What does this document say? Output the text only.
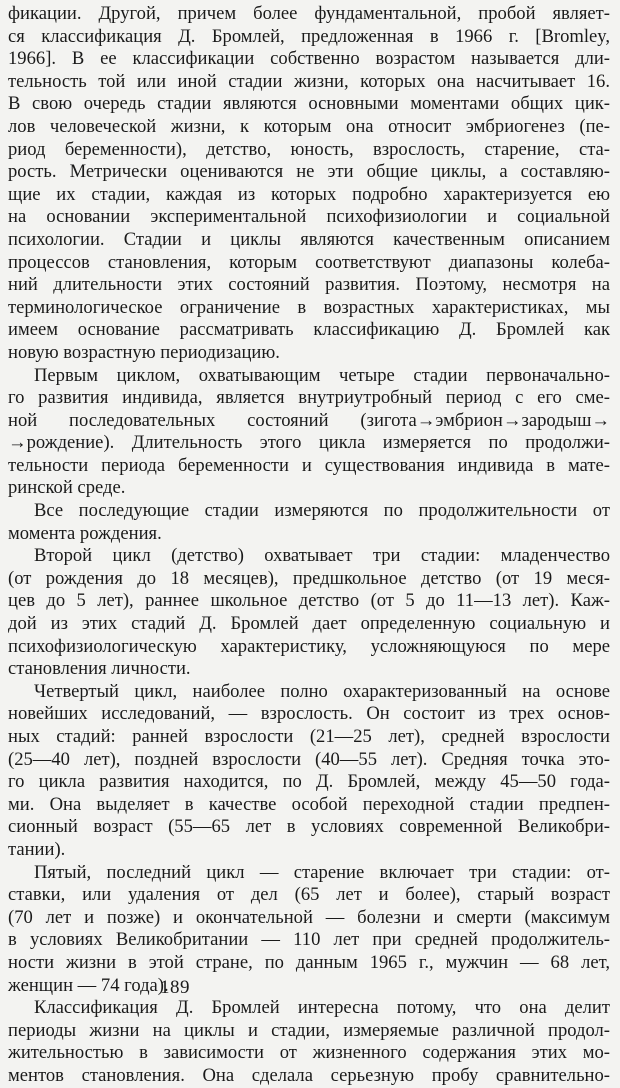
фикации. Другой, причем более фундаментальной, пробой являет-
ся классификация Д. Бромлей, предложенная в 1966 г. [Bromley,
1966]. В ее классификации собственно возрастом называется дли-
тельность той или иной стадии жизни, которых она насчитывает 16.
В свою очередь стадии являются основными моментами общих цик-
лов человеческой жизни, к которым она относит эмбриогенез (пе-
риод беременности), детство, юность, взрослость, старение, ста-
рость. Метрически оцениваются не эти общие циклы, а составляю-
щие их стадии, каждая из которых подробно характеризуется ею
на основании экспериментальной психофизиологии и социальной
психологии. Стадии и циклы являются качественным описанием
процессов становления, которым соответствуют диапазоны колеба-
ний длительности этих состояний развития. Поэтому, несмотря на
терминологическое ограничение в возрастных характеристиках, мы
имеем основание рассматривать классификацию Д. Бромлей как
новую возрастную периодизацию.

Первым циклом, охватывающим четыре стадии первоначально-
го развития индивида, является внутриутробный период с его сме-
ной последовательных состояний (зигота→эмбрион→зародыш→
→рождение). Длительность этого цикла измеряется по продолжи-
тельности периода беременности и существования индивида в мате-
ринской среде.

Все последующие стадии измеряются по продолжительности от
момента рождения.

Второй цикл (детство) охватывает три стадии: младенчество
(от рождения до 18 месяцев), предшкольное детство (от 19 меся-
цев до 5 лет), раннее школьное детство (от 5 до 11—13 лет). Каж-
дой из этих стадий Д. Бромлей дает определенную социальную и
психофизиологическую характеристику, усложняющуюся по мере
становления личности.

Четвертый цикл, наиболее полно охарактеризованный на основе
новейших исследований, — взрослость. Он состоит из трех основ-
ных стадий: ранней взрослости (21—25 лет), средней взрослости
(25—40 лет), поздней взрослости (40—55 лет). Средняя точка это-
го цикла развития находится, по Д. Бромлей, между 45—50 года-
ми. Она выделяет в качестве особой переходной стадии предпен-
сионный возраст (55—65 лет в условиях современной Великобри-
тании).

Пятый, последний цикл — старение включает три стадии: от-
ставки, или удаления от дел (65 лет и более), старый возраст
(70 лет и позже) и окончательной — болезни и смерти (максимум
в условиях Великобритании — 110 лет при средней продолжитель-
ности жизни в этой стране, по данным 1965 г., мужчин — 68 лет,
женщин — 74 года).

Классификация Д. Бромлей интересна потому, что она делит
периоды жизни на циклы и стадии, измеряемые различной продол-
жительностью в зависимости от жизненного содержания этих мо-
ментов становления. Она сделала серьезную пробу сравнительно-

189
